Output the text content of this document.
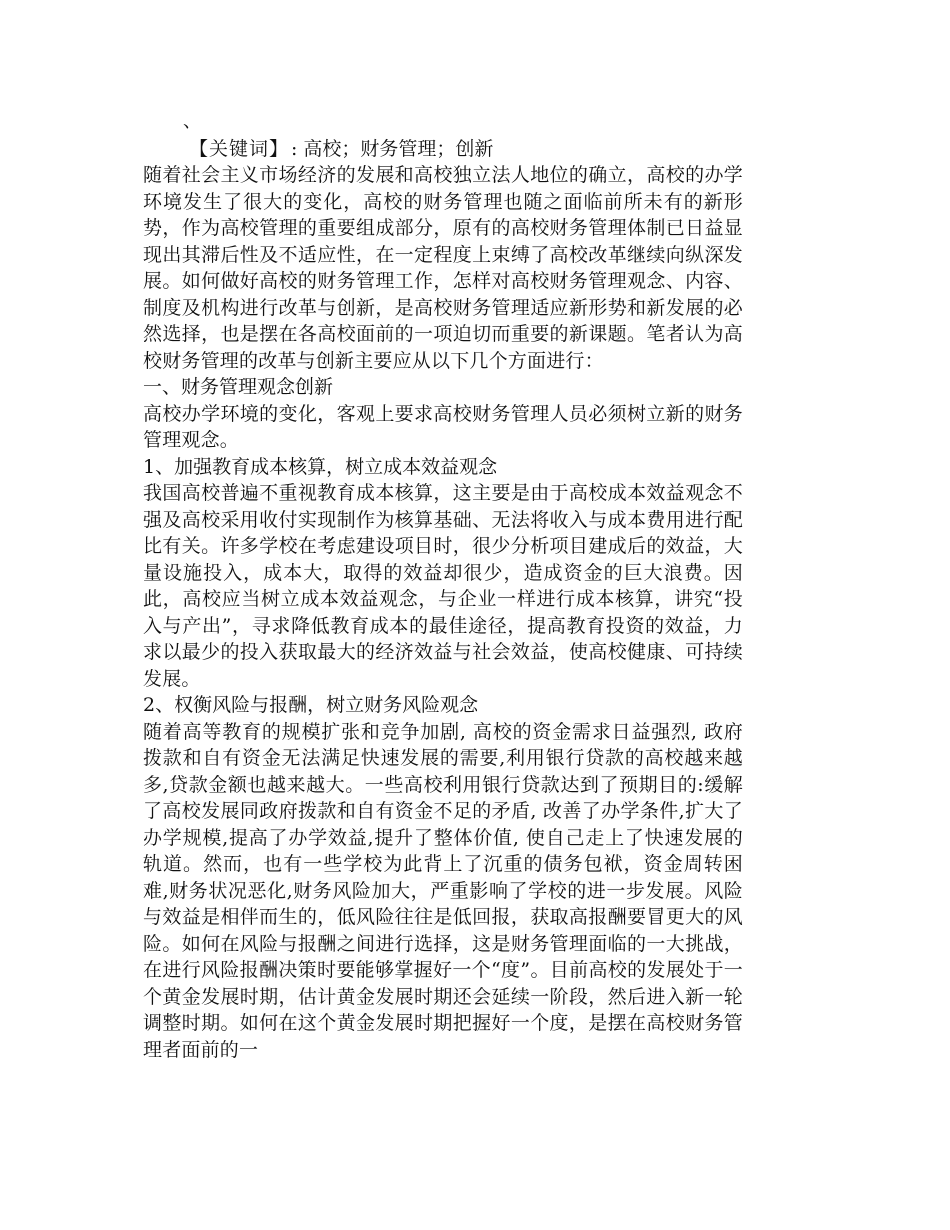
、
【关键词】 : 高校；财务管理；创新

随着社会主义市场经济的发展和高校独立法人地位的确立，高校的办学环境发生了很大的变化，高校的财务管理也随之面临前所未有的新形势，作为高校管理的重要组成部分，原有的高校财务管理体制已日益显现出其滞后性及不适应性，在一定程度上束缚了高校改革继续向纵深发展。如何做好高校的财务管理工作，怎样对高校财务管理观念、内容、制度及机构进行改革与创新，是高校财务管理适应新形势和新发展的必然选择，也是摆在各高校面前的一项迫切而重要的新课题。笔者认为高校财务管理的改革与创新主要应从以下几个方面进行：

一、财务管理观念创新

高校办学环境的变化，客观上要求高校财务管理人员必须树立新的财务管理观念。

1、加强教育成本核算，树立成本效益观念

我国高校普遍不重视教育成本核算，这主要是由于高校成本效益观念不强及高校采用收付实现制作为核算基础、无法将收入与成本费用进行配比有关。许多学校在考虑建设项目时，很少分析项目建成后的效益，大量设施投入，成本大，取得的效益却很少，造成资金的巨大浪费。因此，高校应当树立成本效益观念，与企业一样进行成本核算，讲究“投入与产出”，寻求降低教育成本的最佳途径，提高教育投资的效益，力求以最少的投入获取最大的经济效益与社会效益，使高校健康、可持续发展。

2、权衡风险与报酬，树立财务风险观念

随着高等教育的规模扩张和竞争加剧, 高校的资金需求日益强烈, 政府拨款和自有资金无法满足快速发展的需要,利用银行贷款的高校越来越多,贷款金额也越来越大。一些高校利用银行贷款达到了预期目的:缓解了高校发展同政府拨款和自有资金不足的矛盾, 改善了办学条件,扩大了办学规模,提高了办学效益,提升了整体价值, 使自己走上了快速发展的轨道。然而，也有一些学校为此背上了沉重的债务包袱，资金周转困难,财务状况恶化,财务风险加大，严重影响了学校的进一步发展。风险与效益是相伴而生的，低风险往往是低回报，获取高报酬要冒更大的风险。如何在风险与报酬之间进行选择，这是财务管理面临的一大挑战，在进行风险报酬决策时要能够掌握好一个“度”。目前高校的发展处于一个黄金发展时期，估计黄金发展时期还会延续一阶段，然后进入新一轮调整时期。如何在这个黄金发展时期把握好一个度，是摆在高校财务管理者面前的一
